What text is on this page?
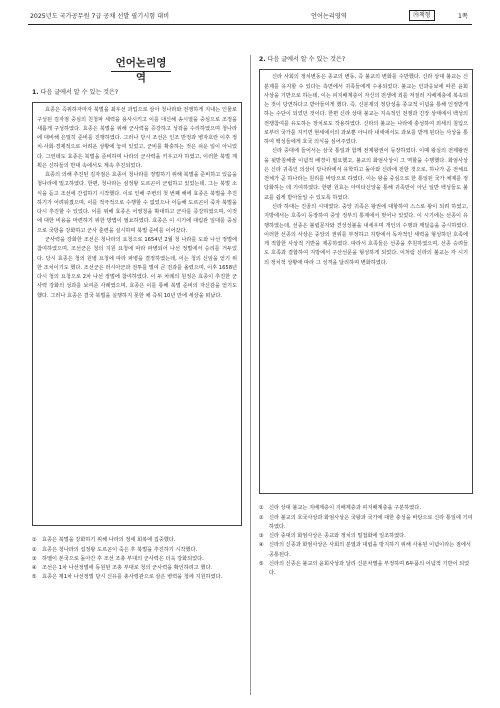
2025년도 국가공무원 7급 공채 선발 필기시험 대비	언어논리영역	㉮책형	1쪽
언어논리영역
1. 다음 글에서 알 수 있는 것은?

효종은 즉위하자마자 북벌을 최우선 과업으로 삼아 청나라와 전쟁하게 지내는 인물로 구성된 김자점 중심의 친청파 세력을 용사시키고 이를 대신해 송시열을 중심으로 조정을 새롭게 구성하였다. 효종은 북벌을 위해 군사력을 증강하고 성곽을 수리하였으며 청나라에 대비해 은밀히 준비를 진행하였다. 그러나 당시 조선은 인조 반정과 병자호란 이후 정치·사회·경제적으로 어려운 상황에 놓여 있었고, 군비를 확충하는 것은 쉬운 일이 아니었다. 그런데도 효종은 북벌을 준비하며 나라의 군사력을 키우고자 하였고, 이러한 북벌 계획은 신하들의 반대 속에서도 계속 추진되었다.

효종의 의해 추진된 김자점은 효종이 청나라를 정벌하기 위해 북벌을 준비하고 있음을 청나라에 밀고하였다. 한편, 청나라는 심정왕 도르곤이 군립하고 있었는데, 그는 북벌 소식을 듣고 조선에 간섭하기 시작했다. 이로 인해 주변의 첫 번째 해에 효종은 북벌을 추진하기가 어려워졌으며, 이를 적극적으로 수행할 수 없었으나 이듬해 도르곤이 죽자 북벌을 다시 추진할 수 있었다. 이를 위해 효종은 어영청을 확대하고 군사를 증강하였으며, 이것에 대한 비용을 마련하기 위한 방법이 필요하였다. 효종은 이 시기에 대림관 일대를 중심으로 국방을 강화하고 군사 훈련을 실시하며 북벌 준비를 이어갔다.

군사력을 강화한 조선은 청나라의 요청으로 1654년 2월 청 나라를 도와 나선 정벌에 참여하였으며, 조선군은 청의 지원 요청에 따라 파병되어 나선 정벌에서 승리를 거두었다. 당시 효종은 청의 원병 요청에 따라 파병을 결정하였는데, 이는 청의 신임을 얻기 위한 조치이기도 했다. 조선군은 러시아군과 전투를 벌여 큰 전과를 올렸으며, 이후 1658년 다시 청의 요청으로 2차 나선 정벌에 참여하였다. 이 두 차례의 원정은 효종이 추진한 군사력 강화의 성과를 보여준 사례였으며, 효종은 이를 통해 북벌 준비의 자신감을 얻기도 했다. 그러나 효종은 결국 북벌을 실행하지 못한 채 즉위 10년 만에 세상을 떠났다.

①	효종은 북벌을 강화하기 위해 나라의 정세 회복에 집중했다.
②	효종은 청나라의 섭정왕 도르곤이 죽은 후 북벌을 추진하기 시작했다.
③	하멜이 본국으로 돌아간 후 조선 조총 부대의 군사력은 더욱 강화되었다.
④	조선은 1차 나선정벌에 동원된 조총 부대로 청의 군사력을 확인하려고 했다.
⑤	효종은 제1차 나선정벌 당시 신유를 총사령관으로 삼은 병력을 청에 지원하였다.
2. 다음 글에서 알 수 있는 것은?

신라 사회의 정치변동은 종교의 변동, 즉 불교의 변화를 수반했다. 신라 상대 불교는 신분제를 유지할 수 있다는 측면에서 귀족들에게 수용되었다. 불교는 인과응보에 따른 윤회 사상을 기반으로 하는데, 이는 피지배계층이 자신의 전생에 죄를 저질러 지배계층에 복속되는 것이 당연하다고 받아들이게 했다. 즉, 신분제의 정당성을 종교적 이념을 통해 인정받게 하는 수단이 되었던 것이다. 한편 신라 상대 불교는 지속적인 전쟁과 긴장 상태에서 백성의 전쟁참여를 유도하는 장치로도 작용하였다. 신라의 불교는 나라에 충성하여 외세의 침입으로부터 국가를 지키면 현세에서의 과보뿐 아니라 내세에서도 과보를 받게 된다는 사상을 통하여 백성들에게 호국 의식을 심어주었다.

신라 중대에 들어서는 삼국 통일과 함께 전제왕권이 등장하였다. 이때 왕실의 전제왕권을 뒷받침해줄 이념적 배경이 필요했고, 불교의 화엄사상이 그 역할을 수행했다. 화엄사상은 신라 귀족인 의상이 당나라에서 유학하고 돌아와 신라에 전한 것으로, 하나가 곧 전체요 전체가 곧 하나라는 원리를 바탕으로 하였다. 이는 왕을 중심으로 한 통일된 국가 체제를 정당화하는 데 기여하였다. 한편 원효는 아미타신앙을 통해 귀족만이 아닌 일반 백성들도 불교를 쉽게 받아들일 수 있도록 하였다.

신라 하대는 진골의 시대였다. 중앙 귀족은 왕권에 대항하여 스스로 왕이 되려 하였고, 지방에서는 호족이 등장하여 중앙 정부의 통제에서 벗어나 있었다. 이 시기에는 선종이 유행하였는데, 선종은 불립문자와 견성성불을 내세우며 개인의 수행과 깨달음을 중시하였다. 이러한 선종의 사상은 중앙의 권위를 부정하고 지방에서 독자적인 세력을 형성하던 호족에게 적합한 사상적 기반을 제공하였다. 따라서 호족들은 선종을 후원하였으며, 선종 승려들도 호족과 결합하여 지방에서 구산선문을 형성하게 되었다. 이처럼 신라의 불교는 각 시기의 정치적 상황에 따라 그 성격을 달리하며 변화하였다.

①	신라 상대 불교는 지배계층이 지배계층과 피지배계층을 구분하였다.
②	신라 불교의 호국사상과 화엄사상은 국왕과 국가에 대한 충성을 바탕으로 신라 통일에 기여하였다.
③	신라 중대의 화엄사상은 종교와 정치의 밀접화에 일조하였다.
④	신라의 신종과 화엄사상은 사회의 분열과 대립을 방지하기 위해 사용된 이념이라는 점에서 공통된다.
⑤	신라의 신종은 불교의 윤회사상과 달리 신분차별을 부정하며 6두품의 이념적 기반이 되었다.
